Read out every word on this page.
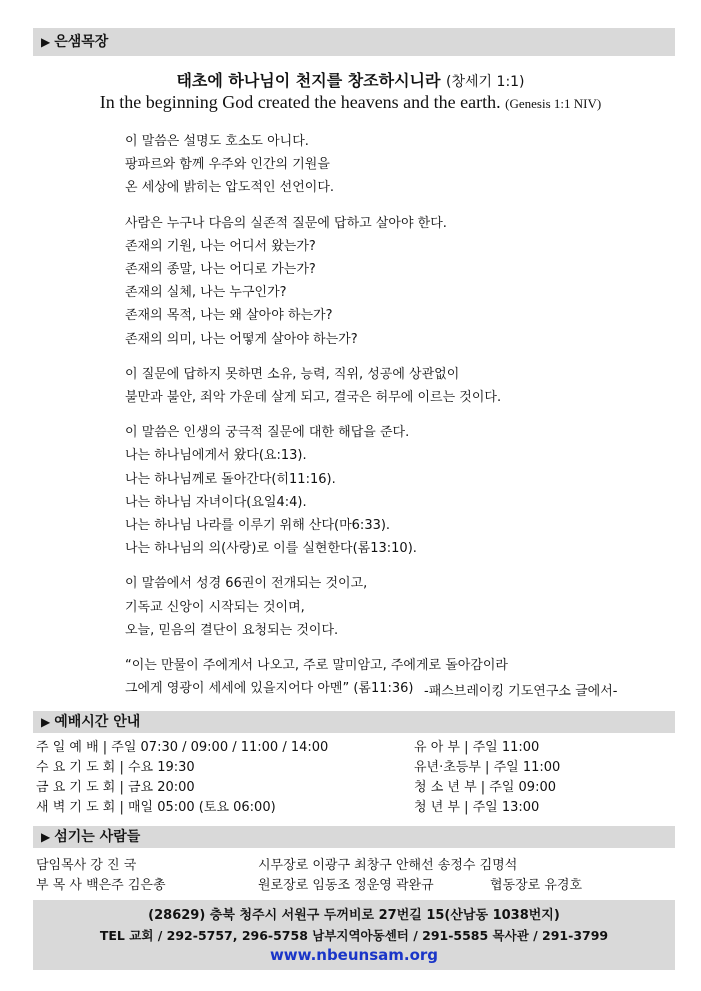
▶ 은샘목장
태초에 하나님이 천지를 창조하시니라 (창세기 1:1)
In the beginning God created the heavens and the earth. (Genesis 1:1 NIV)
이 말씀은 설명도 호소도 아니다.
팡파르와 함께 우주와 인간의 기원을
온 세상에 밝히는 압도적인 선언이다.
사람은 누구나 다음의 실존적 질문에 답하고 살아야 한다.
존재의 기원, 나는 어디서 왔는가?
존재의 종말, 나는 어디로 가는가?
존재의 실체, 나는 누구인가?
존재의 목적, 나는 왜 살아야 하는가?
존재의 의미, 나는 어떻게 살아야 하는가?
이 질문에 답하지 못하면 소유, 능력, 직위, 성공에 상관없이
불만과 불안, 죄악 가운데 살게 되고, 결국은 허무에 이르는 것이다.
이 말씀은 인생의 궁극적 질문에 대한 해답을 준다.
나는 하나님에게서 왔다(요:13).
나는 하나님께로 돌아간다(히11:16).
나는 하나님 자녀이다(요일4:4).
나는 하나님 나라를 이루기 위해 산다(마6:33).
나는 하나님의 의(사랑)로 이를 실현한다(롬13:10).
이 말씀에서 성경 66권이 전개되는 것이고,
기독교 신앙이 시작되는 것이며,
오늘, 믿음의 결단이 요청되는 것이다.
“이는 만물이 주에게서 나오고, 주로 말미암고, 주에게로 돌아감이라
그에게 영광이 세세에 있을지어다 아멘” (롬11:36) -패스브레이킹 기도연구소 글에서-
▶ 예배시간 안내
주 일 예 배 | 주일 07:30 / 09:00 / 11:00 / 14:00	유 아 부 | 주일 11:00
수 요 기 도 회 | 수요 19:30	유년·초등부 | 주일 11:00
금 요 기 도 회 | 금요 20:00	청 소 년 부 | 주일 09:00
새 벽 기 도 회 | 매일 05:00 (토요 06:00)	청 년 부 | 주일 13:00
▶ 섬기는 사람들
담임목사 강 진 국	시무장로 이광구 최창구 안해선 송정수 김명석
부 목 사 백은주 김은총	원로장로 임동조 정운영 곽완규	협동장로 유경호
(28629) 충북 청주시 서원구 두꺼비로 27번길 15(산남동 1038번지)
TEL 교회 / 292-5757, 296-5758 남부지역아동센터 / 291-5585 목사관 / 291-3799
www.nbeunsam.org
